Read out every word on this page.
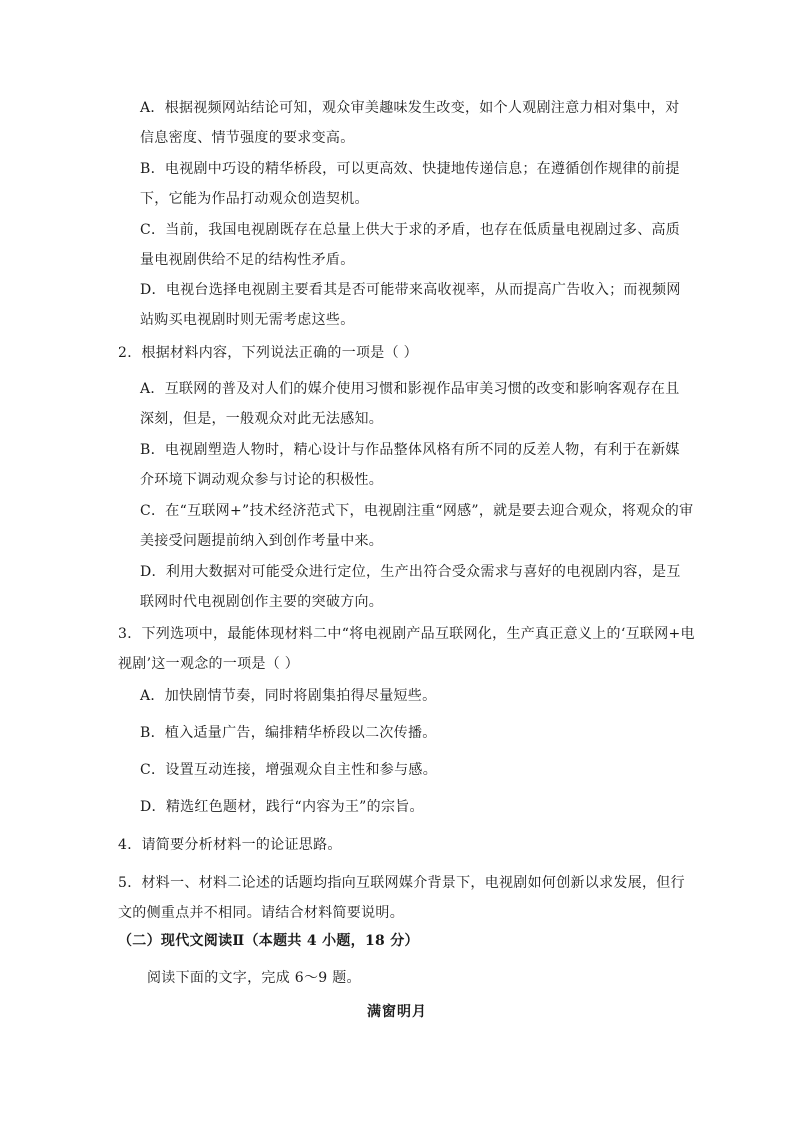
A．根据视频网站结论可知，观众审美趣味发生改变，如个人观剧注意力相对集中，对
信息密度、情节强度的要求变高。
B．电视剧中巧设的精华桥段，可以更高效、快捷地传递信息；在遵循创作规律的前提
下，它能为作品打动观众创造契机。
C．当前，我国电视剧既存在总量上供大于求的矛盾，也存在低质量电视剧过多、高质
量电视剧供给不足的结构性矛盾。
D．电视台选择电视剧主要看其是否可能带来高收视率，从而提高广告收入；而视频网
站购买电视剧时则无需考虑这些。
2．根据材料内容，下列说法正确的一项是（ ）
A．互联网的普及对人们的媒介使用习惯和影视作品审美习惯的改变和影响客观存在且
深刻，但是，一般观众对此无法感知。
B．电视剧塑造人物时，精心设计与作品整体风格有所不同的反差人物，有利于在新媒
介环境下调动观众参与讨论的积极性。
C．在“互联网+”技术经济范式下，电视剧注重“网感”，就是要去迎合观众，将观众的审
美接受问题提前纳入到创作考量中来。
D．利用大数据对可能受众进行定位，生产出符合受众需求与喜好的电视剧内容，是互
联网时代电视剧创作主要的突破方向。
3．下列选项中，最能体现材料二中“将电视剧产品互联网化，生产真正意义上的‘互联网+电
视剧’这一观念的一项是（ ）
A．加快剧情节奏，同时将剧集拍得尽量短些。
B．植入适量广告，编排精华桥段以二次传播。
C．设置互动连接，增强观众自主性和参与感。
D．精选红色题材，践行“内容为王”的宗旨。
4．请简要分析材料一的论证思路。
5．材料一、材料二论述的话题均指向互联网媒介背景下，电视剧如何创新以求发展，但行
文的侧重点并不相同。请结合材料简要说明。
（二）现代文阅读Ⅱ（本题共 4 小题，18 分）
阅读下面的文字，完成 6～9 题。
满窗明月
